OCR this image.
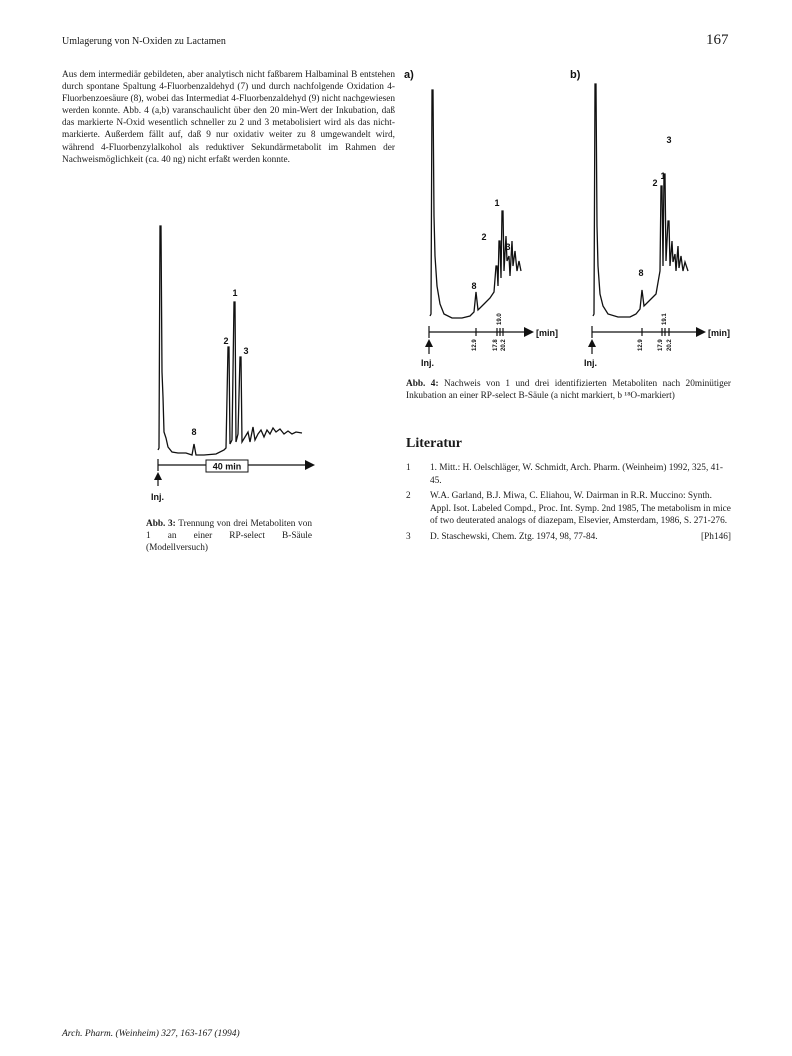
Umlagerung von N-Oxiden zu Lactamen	167

Aus dem intermediär gebildeten, aber analytisch nicht faßbarem Halbaminal B entstehen durch spontane Spaltung 4-Fluorbenzaldehyd (7) und durch nachfolgende Oxidation 4-Fluorbenzoesäure (8), wobei das Intermediat 4-Fluorbenzaldehyd (9) nicht nachgewiesen werden konnte. Abb. 4 (a,b) varanschaulicht über den 20 min-Wert der Inkubation, daß das markierte N-Oxid wesentlich schneller zu 2 und 3 metabolisiert wird als das nicht-markierte. Außerdem fällt auf, daß 9 nur oxidativ weiter zu 8 umgewandelt wird, während 4-Fluorbenzylalkohol als reduktiver Sekundärmetabolit im Rahmen der Nachweismöglichkeit (ca. 40 ng) nicht erfaßt werden konnte.

40 min
Inj.
1
2
3
8
Abb. 3: Trennung von drei Metaboliten von 1 an einer RP-select B-Säule (Modellversuch)
a)
[min]
12.9	17.8
19.0
20.2
Inj.
1
2
3
8
b)
[min]
12.9 17.9
19.1
20.2
Inj.
1
2
3
8
Abb. 4: Nachweis von 1 und drei identifizierten Metaboliten nach 20minütiger Inkubation an einer RP-select B-Säule (a nicht markiert, b ¹⁸O-markiert)
Literatur
1 1. Mitt.: H. Oelschläger, W. Schmidt, Arch. Pharm. (Weinheim) 1992, 325, 41-45.
2 W.A. Garland, B.J. Miwa, C. Eliahou, W. Dairman in R.R. Muccino: Synth. Appl. Isot. Labeled Compd., Proc. Int. Symp. 2nd 1985, The metabolism in mice of two deuterated analogs of diazepam, Elsevier, Amsterdam, 1986, S. 271-276.
3 D. Staschewski, Chem. Ztg. 1974, 98, 77-84.	[Ph146]
Arch. Pharm. (Weinheim) 327, 163-167 (1994)
